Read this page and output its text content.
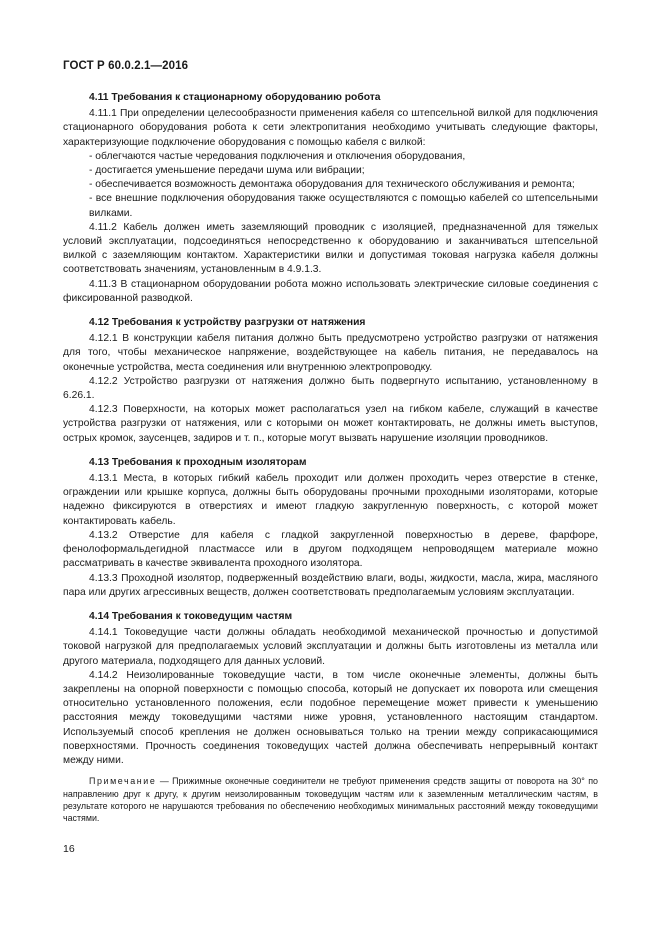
ГОСТ Р 60.0.2.1—2016
4.11 Требования к стационарному оборудованию робота

4.11.1 При определении целесообразности применения кабеля со штепсельной вилкой для подключения стационарного оборудования робота к сети электропитания необходимо учитывать следующие факторы, характеризующие подключение оборудования с помощью кабеля с вилкой:

- облегчаются частые чередования подключения и отключения оборудования,
- достигается уменьшение передачи шума или вибрации;
- обеспечивается возможность демонтажа оборудования для технического обслуживания и ремонта;
- все внешние подключения оборудования также осуществляются с помощью кабелей со штепсельными вилками.

4.11.2 Кабель должен иметь заземляющий проводник с изоляцией, предназначенной для тяжелых условий эксплуатации, подсоединяться непосредственно к оборудованию и заканчиваться штепсельной вилкой с заземляющим контактом. Характеристики вилки и допустимая токовая нагрузка кабеля должны соответствовать значениям, установленным в 4.9.1.3.

4.11.3 В стационарном оборудовании робота можно использовать электрические силовые соединения с фиксированной разводкой.

4.12 Требования к устройству разгрузки от натяжения

4.12.1 В конструкции кабеля питания должно быть предусмотрено устройство разгрузки от натяжения для того, чтобы механическое напряжение, воздействующее на кабель питания, не передавалось на оконечные устройства, места соединения или внутреннюю электропроводку.

4.12.2 Устройство разгрузки от натяжения должно быть подвергнуто испытанию, установленному в 6.26.1.

4.12.3 Поверхности, на которых может располагаться узел на гибком кабеле, служащий в качестве устройства разгрузки от натяжения, или с которыми он может контактировать, не должны иметь выступов, острых кромок, заусенцев, задиров и т. п., которые могут вызвать нарушение изоляции проводников.

4.13 Требования к проходным изоляторам

4.13.1 Места, в которых гибкий кабель проходит или должен проходить через отверстие в стенке, ограждении или крышке корпуса, должны быть оборудованы прочными проходными изоляторами, которые надежно фиксируются в отверстиях и имеют гладкую закругленную поверхность, с которой может контактировать кабель.

4.13.2 Отверстие для кабеля с гладкой закругленной поверхностью в дереве, фарфоре, фенолоформальдегидной пластмассе или в другом подходящем непроводящем материале можно рассматривать в качестве эквивалента проходного изолятора.

4.13.3 Проходной изолятор, подверженный воздействию влаги, воды, жидкости, масла, жира, масляного пара или других агрессивных веществ, должен соответствовать предполагаемым условиям эксплуатации.

4.14 Требования к токоведущим частям

4.14.1 Токоведущие части должны обладать необходимой механической прочностью и допустимой токовой нагрузкой для предполагаемых условий эксплуатации и должны быть изготовлены из металла или другого материала, подходящего для данных условий.

4.14.2 Неизолированные токоведущие части, в том числе оконечные элементы, должны быть закреплены на опорной поверхности с помощью способа, который не допускает их поворота или смещения относительно установленного положения, если подобное перемещение может привести к уменьшению расстояния между токоведущими частями ниже уровня, установленного настоящим стандартом. Используемый способ крепления не должен основываться только на трении между соприкасающимися поверхностями. Прочность соединения токоведущих частей должна обеспечивать непрерывный контакт между ними.

Примечание — Прижимные оконечные соединители не требуют применения средств защиты от поворота на 30° по направлению друг к другу, к другим неизолированным токоведущим частям или к заземленным металлическим частям, в результате которого не нарушаются требования по обеспечению необходимых минимальных расстояний между токоведущими частями.
16
